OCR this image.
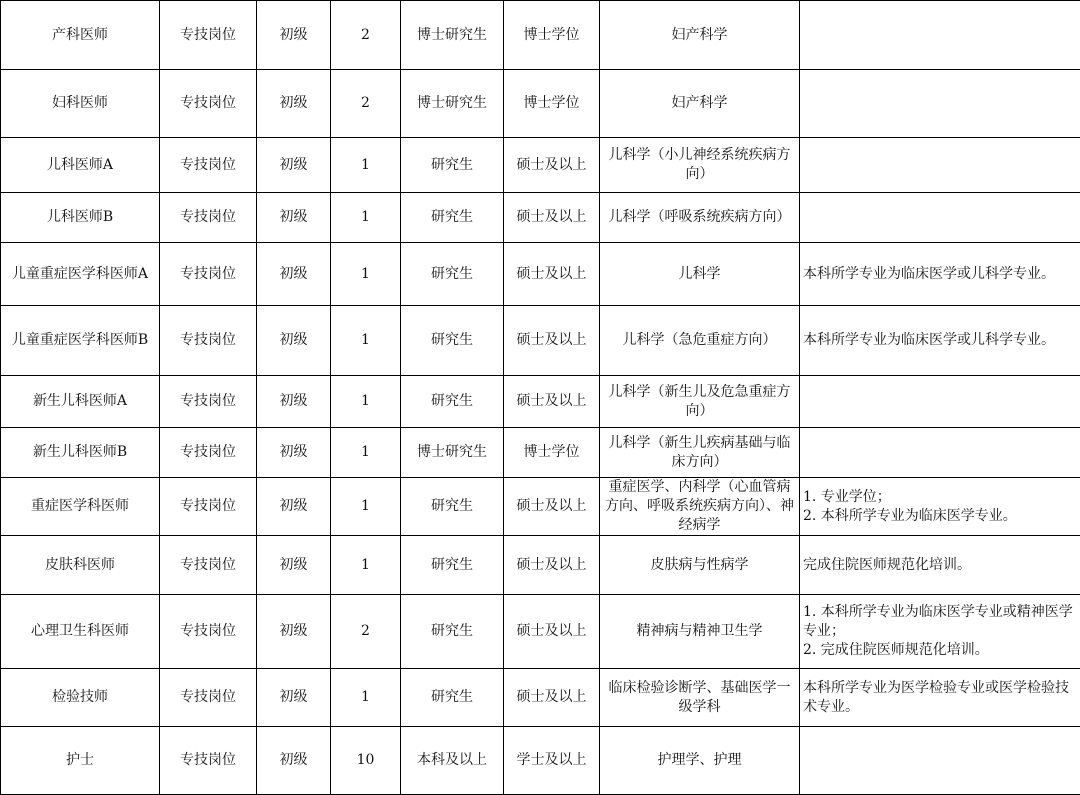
产科医师	专技岗位	初级	2	博士研究生	博士学位	妇产科学	
妇科医师	专技岗位	初级	2	博士研究生	博士学位	妇产科学	
儿科医师A	专技岗位	初级	1	研究生	硕士及以上	儿科学（小儿神经系统疾病方向）	
儿科医师B	专技岗位	初级	1	研究生	硕士及以上	儿科学（呼吸系统疾病方向）	
儿童重症医学科医师A	专技岗位	初级	1	研究生	硕士及以上	儿科学	本科所学专业为临床医学或儿科学专业。
儿童重症医学科医师B	专技岗位	初级	1	研究生	硕士及以上	儿科学（急危重症方向）	本科所学专业为临床医学或儿科学专业。
新生儿科医师A	专技岗位	初级	1	研究生	硕士及以上	儿科学（新生儿及危急重症方向）	
新生儿科医师B	专技岗位	初级	1	博士研究生	博士学位	儿科学（新生儿疾病基础与临床方向）	
重症医学科医师	专技岗位	初级	1	研究生	硕士及以上	重症医学、内科学（心血管病方向、呼吸系统疾病方向）、神经病学	1. 专业学位；
2. 本科所学专业为临床医学专业。
皮肤科医师	专技岗位	初级	1	研究生	硕士及以上	皮肤病与性病学	完成住院医师规范化培训。
心理卫生科医师	专技岗位	初级	2	研究生	硕士及以上	精神病与精神卫生学	1. 本科所学专业为临床医学专业或精神医学专业；
2. 完成住院医师规范化培训。
检验技师	专技岗位	初级	1	研究生	硕士及以上	临床检验诊断学、基础医学一级学科	本科所学专业为医学检验专业或医学检验技术专业。
护士	专技岗位	初级	10	本科及以上	学士及以上	护理学、护理	
